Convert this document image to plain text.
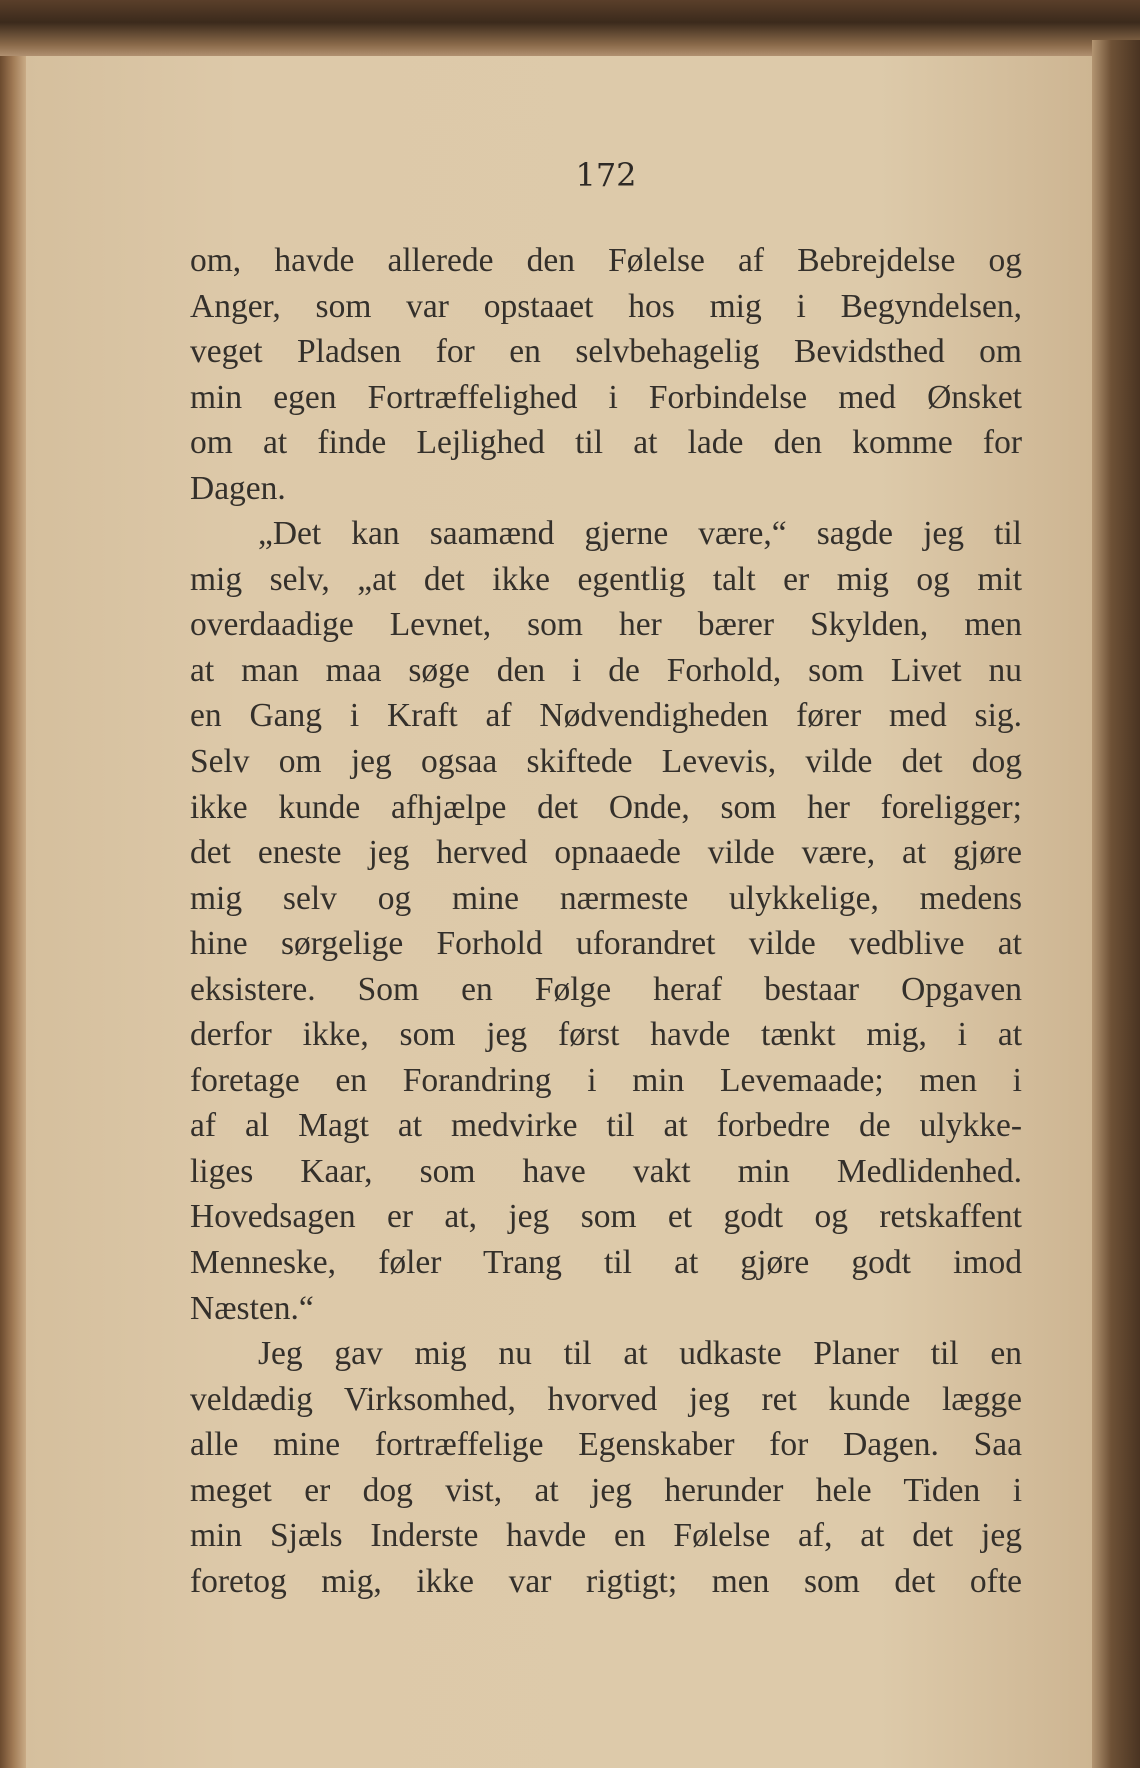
172
om, havde allerede den Følelse af Bebrejdelse og
Anger, som var opstaaet hos mig i Begyndelsen,
veget Pladsen for en selvbehagelig Bevidsthed om
min egen Fortræffelighed i Forbindelse med Ønsket
om at finde Lejlighed til at lade den komme for
Dagen.
„Det kan saamænd gjerne være,“ sagde jeg til
mig selv, „at det ikke egentlig talt er mig og mit
overdaadige Levnet, som her bærer Skylden, men
at man maa søge den i de Forhold, som Livet nu
en Gang i Kraft af Nødvendigheden fører med sig.
Selv om jeg ogsaa skiftede Levevis, vilde det dog
ikke kunde afhjælpe det Onde, som her foreligger;
det eneste jeg herved opnaaede vilde være, at gjøre
mig selv og mine nærmeste ulykkelige, medens
hine sørgelige Forhold uforandret vilde vedblive at
eksistere. Som en Følge heraf bestaar Opgaven
derfor ikke, som jeg først havde tænkt mig, i at
foretage en Forandring i min Levemaade; men i
af al Magt at medvirke til at forbedre de ulykke-
liges Kaar, som have vakt min Medlidenhed.
Hovedsagen er at, jeg som et godt og retskaffent
Menneske, føler Trang til at gjøre godt imod
Næsten.“
Jeg gav mig nu til at udkaste Planer til en
veldædig Virksomhed, hvorved jeg ret kunde lægge
alle mine fortræffelige Egenskaber for Dagen. Saa
meget er dog vist, at jeg herunder hele Tiden i
min Sjæls Inderste havde en Følelse af, at det jeg
foretog mig, ikke var rigtigt; men som det ofte
